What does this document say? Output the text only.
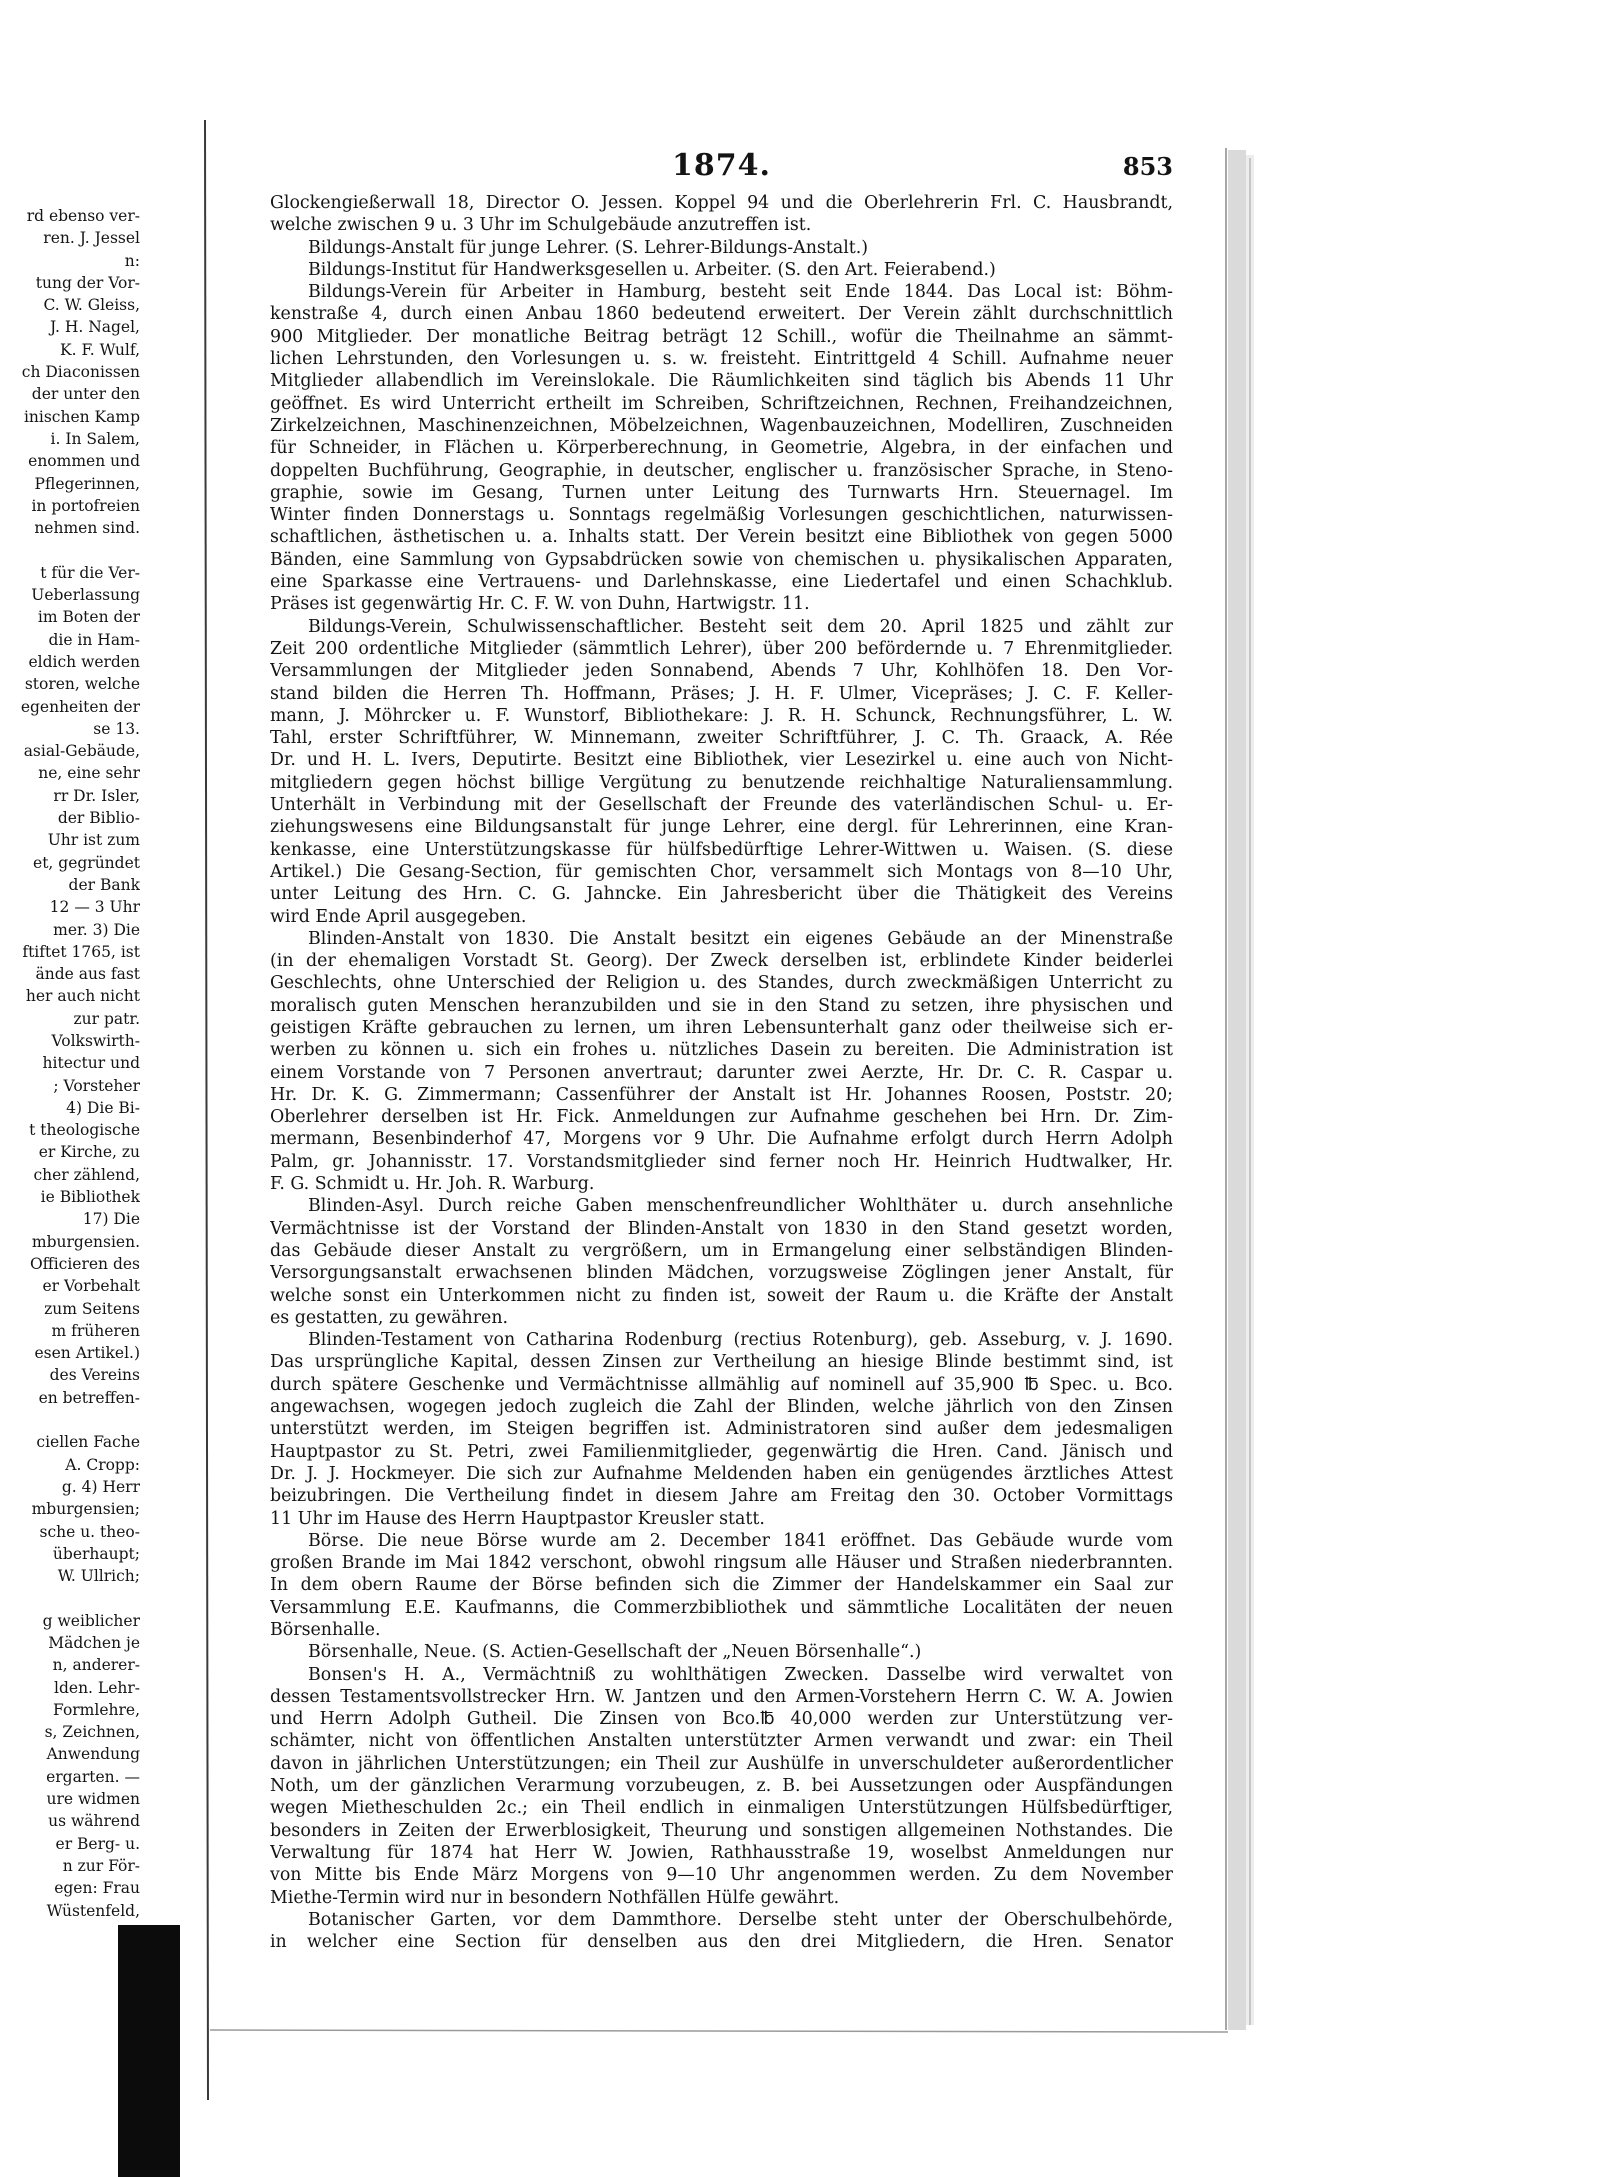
rd ebenso ver-
ren. J. Jessel
n:
tung der Vor-
C. W. Gleiss,
J. H. Nagel,
K. F. Wulf,
ch Diaconissen
der unter den
inischen Kamp
i. In Salem,
enommen und
Pflegerinnen,
in portofreien
nehmen sind.
t für die Ver-
Ueberlassung
im Boten der
die in Ham-
eldich werden
storen, welche
egenheiten der
se 13.
asial-Gebäude,
ne, eine sehr
rr Dr. Isler,
der Biblio-
Uhr ist zum
et, gegründet
der Bank
12 — 3 Uhr
mer. 3) Die
ftiftet 1765, ist
ände aus fast
her auch nicht
zur patr.
Volkswirth-
hitectur und
; Vorsteher
4) Die Bi-
t theologische
er Kirche, zu
cher zählend,
ie Bibliothek
17) Die
mburgensien.
Officieren des
er Vorbehalt
zum Seitens
m früheren
esen Artikel.)
des Vereins
en betreffen-
ciellen Fache
A. Cropp:
g. 4) Herr
mburgensien;
sche u. theo-
überhaupt;
W. Ullrich;
g weiblicher
Mädchen je
n, anderer-
lden. Lehr-
Formlehre,
s, Zeichnen,
Anwendung
ergarten. —
ure widmen
us während
er Berg- u.
n zur För-
egen: Frau
Wüstenfeld,
1874.	853
Glockengießerwall 18, Director O. Jessen. Koppel 94 und die Oberlehrerin Frl. C. Hausbrandt,
welche zwischen 9 u. 3 Uhr im Schulgebäude anzutreffen ist.
Bildungs-Anstalt für junge Lehrer. (S. Lehrer-Bildungs-Anstalt.)
Bildungs-Institut für Handwerksgesellen u. Arbeiter. (S. den Art. Feierabend.)
Bildungs-Verein für Arbeiter in Hamburg, besteht seit Ende 1844. Das Local ist: Böhm-
kenstraße 4, durch einen Anbau 1860 bedeutend erweitert. Der Verein zählt durchschnittlich
900 Mitglieder. Der monatliche Beitrag beträgt 12 Schill., wofür die Theilnahme an sämmt-
lichen Lehrstunden, den Vorlesungen u. s. w. freisteht. Eintrittgeld 4 Schill. Aufnahme neuer
Mitglieder allabendlich im Vereinslokale. Die Räumlichkeiten sind täglich bis Abends 11 Uhr
geöffnet. Es wird Unterricht ertheilt im Schreiben, Schriftzeichnen, Rechnen, Freihandzeichnen,
Zirkelzeichnen, Maschinenzeichnen, Möbelzeichnen, Wagenbauzeichnen, Modelliren, Zuschneiden
für Schneider, in Flächen u. Körperberechnung, in Geometrie, Algebra, in der einfachen und
doppelten Buchführung, Geographie, in deutscher, englischer u. französischer Sprache, in Steno-
graphie, sowie im Gesang, Turnen unter Leitung des Turnwarts Hrn. Steuernagel. Im
Winter finden Donnerstags u. Sonntags regelmäßig Vorlesungen geschichtlichen, naturwissen-
schaftlichen, ästhetischen u. a. Inhalts statt. Der Verein besitzt eine Bibliothek von gegen 5000
Bänden, eine Sammlung von Gypsabdrücken sowie von chemischen u. physikalischen Apparaten,
eine Sparkasse eine Vertrauens- und Darlehnskasse, eine Liedertafel und einen Schachklub.
Präses ist gegenwärtig Hr. C. F. W. von Duhn, Hartwigstr. 11.
Bildungs-Verein, Schulwissenschaftlicher. Besteht seit dem 20. April 1825 und zählt zur
Zeit 200 ordentliche Mitglieder (sämmtlich Lehrer), über 200 befördernde u. 7 Ehrenmitglieder.
Versammlungen der Mitglieder jeden Sonnabend, Abends 7 Uhr, Kohlhöfen 18. Den Vor-
stand bilden die Herren Th. Hoffmann, Präses; J. H. F. Ulmer, Vicepräses; J. C. F. Keller-
mann, J. Möhrcker u. F. Wunstorf, Bibliothekare: J. R. H. Schunck, Rechnungsführer, L. W.
Tahl, erster Schriftführer, W. Minnemann, zweiter Schriftführer, J. C. Th. Graack, A. Rée
Dr. und H. L. Ivers, Deputirte. Besitzt eine Bibliothek, vier Lesezirkel u. eine auch von Nicht-
mitgliedern gegen höchst billige Vergütung zu benutzende reichhaltige Naturaliensammlung.
Unterhält in Verbindung mit der Gesellschaft der Freunde des vaterländischen Schul- u. Er-
ziehungswesens eine Bildungsanstalt für junge Lehrer, eine dergl. für Lehrerinnen, eine Kran-
kenkasse, eine Unterstützungskasse für hülfsbedürftige Lehrer-Wittwen u. Waisen. (S. diese
Artikel.) Die Gesang-Section, für gemischten Chor, versammelt sich Montags von 8—10 Uhr,
unter Leitung des Hrn. C. G. Jahncke. Ein Jahresbericht über die Thätigkeit des Vereins
wird Ende April ausgegeben.
Blinden-Anstalt von 1830. Die Anstalt besitzt ein eigenes Gebäude an der Minenstraße
(in der ehemaligen Vorstadt St. Georg). Der Zweck derselben ist, erblindete Kinder beiderlei
Geschlechts, ohne Unterschied der Religion u. des Standes, durch zweckmäßigen Unterricht zu
moralisch guten Menschen heranzubilden und sie in den Stand zu setzen, ihre physischen und
geistigen Kräfte gebrauchen zu lernen, um ihren Lebensunterhalt ganz oder theilweise sich er-
werben zu können u. sich ein frohes u. nützliches Dasein zu bereiten. Die Administration ist
einem Vorstande von 7 Personen anvertraut; darunter zwei Aerzte, Hr. Dr. C. R. Caspar u.
Hr. Dr. K. G. Zimmermann; Cassenführer der Anstalt ist Hr. Johannes Roosen, Poststr. 20;
Oberlehrer derselben ist Hr. Fick. Anmeldungen zur Aufnahme geschehen bei Hrn. Dr. Zim-
mermann, Besenbinderhof 47, Morgens vor 9 Uhr. Die Aufnahme erfolgt durch Herrn Adolph
Palm, gr. Johannisstr. 17. Vorstandsmitglieder sind ferner noch Hr. Heinrich Hudtwalker, Hr.
F. G. Schmidt u. Hr. Joh. R. Warburg.
Blinden-Asyl. Durch reiche Gaben menschenfreundlicher Wohlthäter u. durch ansehnliche
Vermächtnisse ist der Vorstand der Blinden-Anstalt von 1830 in den Stand gesetzt worden,
das Gebäude dieser Anstalt zu vergrößern, um in Ermangelung einer selbständigen Blinden-
Versorgungsanstalt erwachsenen blinden Mädchen, vorzugsweise Zöglingen jener Anstalt, für
welche sonst ein Unterkommen nicht zu finden ist, soweit der Raum u. die Kräfte der Anstalt
es gestatten, zu gewähren.
Blinden-Testament von Catharina Rodenburg (rectius Rotenburg), geb. Asseburg, v. J. 1690.
Das ursprüngliche Kapital, dessen Zinsen zur Vertheilung an hiesige Blinde bestimmt sind, ist
durch spätere Geschenke und Vermächtnisse allmählig auf nominell auf 35,900 ℔ Spec. u. Bco.
angewachsen, wogegen jedoch zugleich die Zahl der Blinden, welche jährlich von den Zinsen
unterstützt werden, im Steigen begriffen ist. Administratoren sind außer dem jedesmaligen
Hauptpastor zu St. Petri, zwei Familienmitglieder, gegenwärtig die Hren. Cand. Jänisch und
Dr. J. J. Hockmeyer. Die sich zur Aufnahme Meldenden haben ein genügendes ärztliches Attest
beizubringen. Die Vertheilung findet in diesem Jahre am Freitag den 30. October Vormittags
11 Uhr im Hause des Herrn Hauptpastor Kreusler statt.
Börse. Die neue Börse wurde am 2. December 1841 eröffnet. Das Gebäude wurde vom
großen Brande im Mai 1842 verschont, obwohl ringsum alle Häuser und Straßen niederbrannten.
In dem obern Raume der Börse befinden sich die Zimmer der Handelskammer ein Saal zur
Versammlung E.E. Kaufmanns, die Commerzbibliothek und sämmtliche Localitäten der neuen
Börsenhalle.
Börsenhalle, Neue. (S. Actien-Gesellschaft der „Neuen Börsenhalle“.)
Bonsen's H. A., Vermächtniß zu wohlthätigen Zwecken. Dasselbe wird verwaltet von
dessen Testamentsvollstrecker Hrn. W. Jantzen und den Armen-Vorstehern Herrn C. W. A. Jowien
und Herrn Adolph Gutheil. Die Zinsen von Bco.℔ 40,000 werden zur Unterstützung ver-
schämter, nicht von öffentlichen Anstalten unterstützter Armen verwandt und zwar: ein Theil
davon in jährlichen Unterstützungen; ein Theil zur Aushülfe in unverschuldeter außerordentlicher
Noth, um der gänzlichen Verarmung vorzubeugen, z. B. bei Aussetzungen oder Auspfändungen
wegen Mietheschulden 2c.; ein Theil endlich in einmaligen Unterstützungen Hülfsbedürftiger,
besonders in Zeiten der Erwerblosigkeit, Theurung und sonstigen allgemeinen Nothstandes. Die
Verwaltung für 1874 hat Herr W. Jowien, Rathhausstraße 19, woselbst Anmeldungen nur
von Mitte bis Ende März Morgens von 9—10 Uhr angenommen werden. Zu dem November
Miethe-Termin wird nur in besondern Nothfällen Hülfe gewährt.
Botanischer Garten, vor dem Dammthore. Derselbe steht unter der Oberschulbehörde,
in welcher eine Section für denselben aus den drei Mitgliedern, die Hren. Senator
